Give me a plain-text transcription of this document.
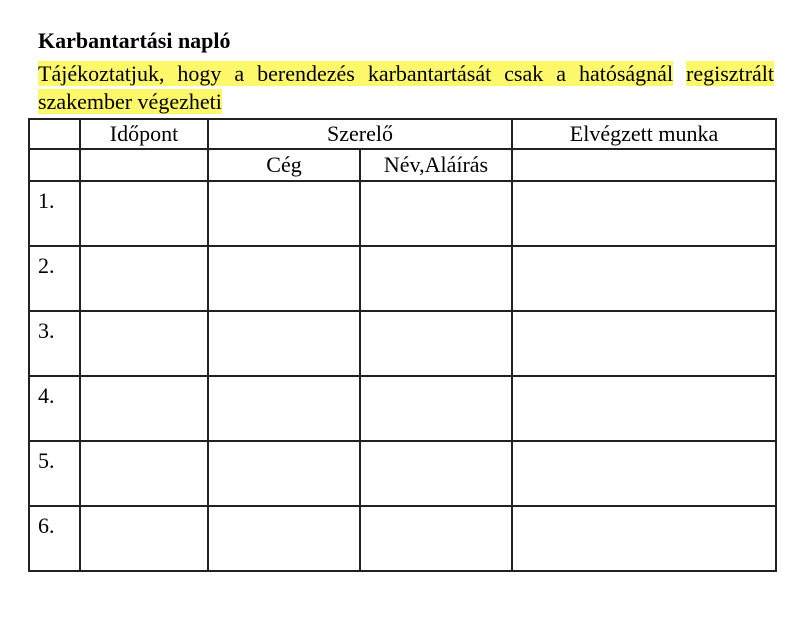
Karbantartási napló
Tájékoztatjuk, hogy a berendezés karbantartását csak a hatóságnál regisztrált szakember végezheti
	Időpont	Szerelő		Elvégzett munka
		Cég	Név,Aláírás	
1.				
2.				
3.				
4.				
5.				
6.				
